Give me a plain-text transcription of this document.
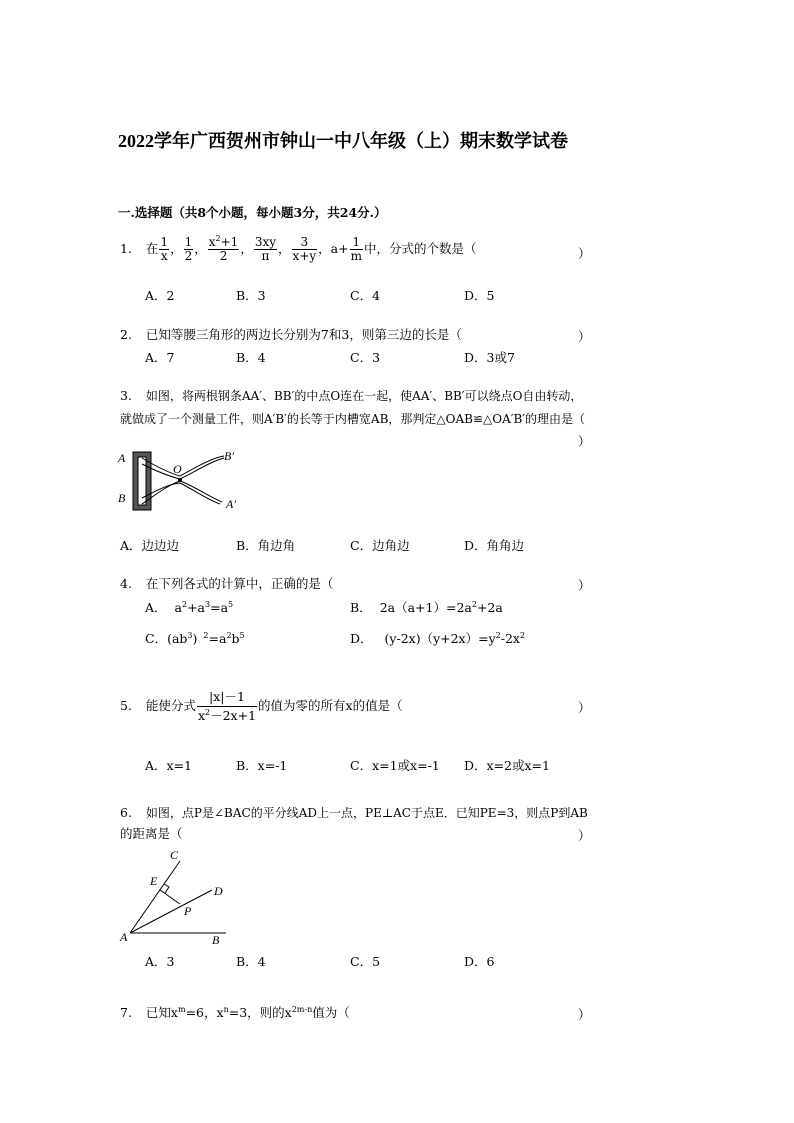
2022学年广西贺州市钟山一中八年级（上）期末数学试卷
一.选择题（共8个小题，每小题3分，共24分.）
1. 在 $\frac{1}{x}$ ， $\frac{1}{2}$ ， $\frac{x^2+1}{2}$ ， $\frac{3xy}{\pi}$ ， $\frac{3}{x+y}$ ，$a+ \frac{1}{m}$ 中，分式的个数是（	）
A．2	B．3	C．4	D．5
2. 已知等腰三角形的两边长分别为7和3，则第三边的长是（	）
A．7	B．4	C．3	D．3或7
3. 如图，将两根钢条AA′、BB′的中点O连在一起，使AA′、BB′可以绕点O自由转动，
就做成了一个测量工件，则A′B′的长等于内槽宽AB，那判定△OAB≌△OA′B′的理由是（
）
A
B
O
B′
A′
A．边边边	B．角边角	C．边角边	D．角角边
4. 在下列各式的计算中，正确的是（	）
A． $a^2+a^3=a^5$	B． $2a(a+1)=2a^2+2a$
C．$(ab^3)$ $^2=a^2b^5$	D． $(y-2x)(y+2x)=y^2-2x^2$
5. 能使分式 $\frac{|x|-1}{x^2-2x+1}$ 的值为零的所有x的值是（	）
A．x=1	B．x=-1	C．x=1或x=-1 D．x=2或x=1
6. 如图，点P是∠BAC的平分线AD上一点，PE⊥AC于点E．已知PE=3，则点P到AB
的距离是（	）
C
E
D
P
A	B
A．3	B．4	C．5	D．6
7. 已知$x^m=6$，$x^n=3$，则的$x^{2m-n}$值为（	）
